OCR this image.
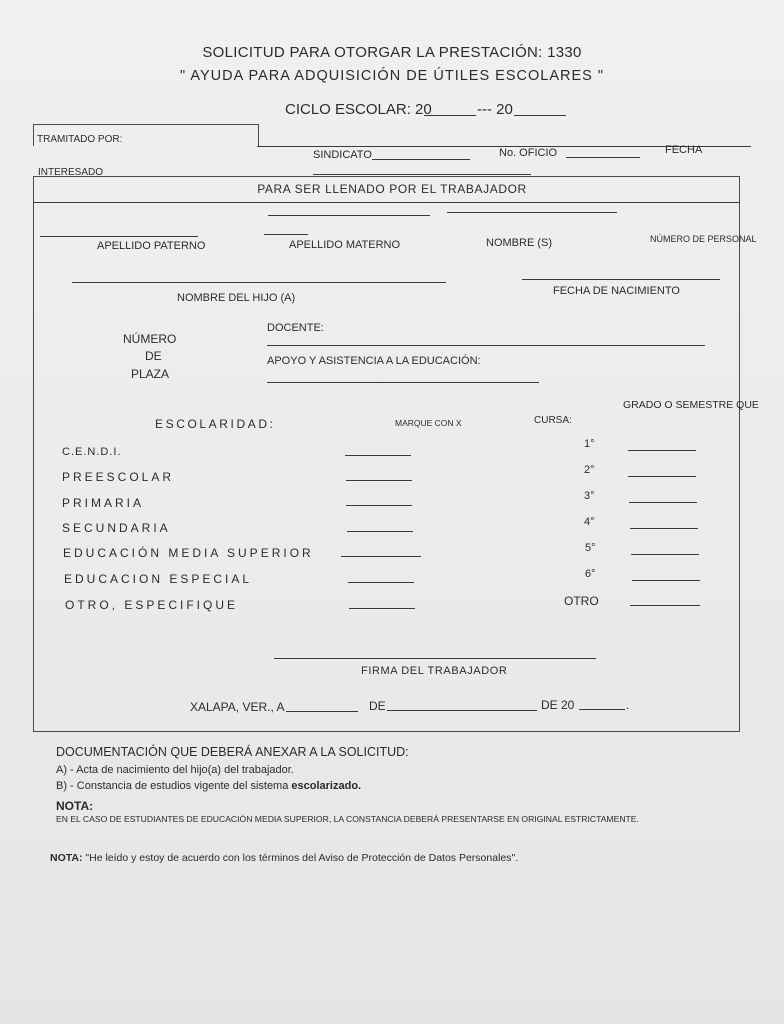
SOLICITUD PARA OTORGAR LA PRESTACIÓN: 1330
" AYUDA PARA ADQUISICIÓN DE ÚTILES ESCOLARES "
CICLO ESCOLAR: 20	--- 20
TRAMITADO POR:
SINDICATO	No. OFICIO	FECHA
INTERESADO
PARA SER LLENADO POR EL TRABAJADOR
APELLIDO PATERNO	APELLIDO MATERNO	NOMBRE (S)	NÚMERO DE PERSONAL
NOMBRE DEL HIJO (A)
FECHA DE NACIMIENTO
NÚMERO
DE
PLAZA
DOCENTE:
APOYO Y ASISTENCIA A LA EDUCACIÓN:
GRADO O SEMESTRE QUE
ESCOLARIDAD:	MARQUE CON X	CURSA:
C.E.N.D.I.
PREESCOLAR
PRIMARIA
SECUNDARIA
EDUCACIÓN MEDIA SUPERIOR
EDUCACION ESPECIAL
OTRO, ESPECIFIQUE
1°
2°
3°
4°
5°
6°
OTRO
FIRMA DEL TRABAJADOR
XALAPA, VER., A	DE	DE 20	.
DOCUMENTACIÓN QUE DEBERÁ ANEXAR A LA SOLICITUD:
A) - Acta de nacimiento del hijo(a) del trabajador.
B) - Constancia de estudios vigente del sistema escolarizado.
NOTA:
EN EL CASO DE ESTUDIANTES DE EDUCACIÓN MEDIA SUPERIOR, LA CONSTANCIA DEBERÁ PRESENTARSE EN ORIGINAL ESTRICTAMENTE.
NOTA: "He leído y estoy de acuerdo con los términos del Aviso de Protección de Datos Personales".
